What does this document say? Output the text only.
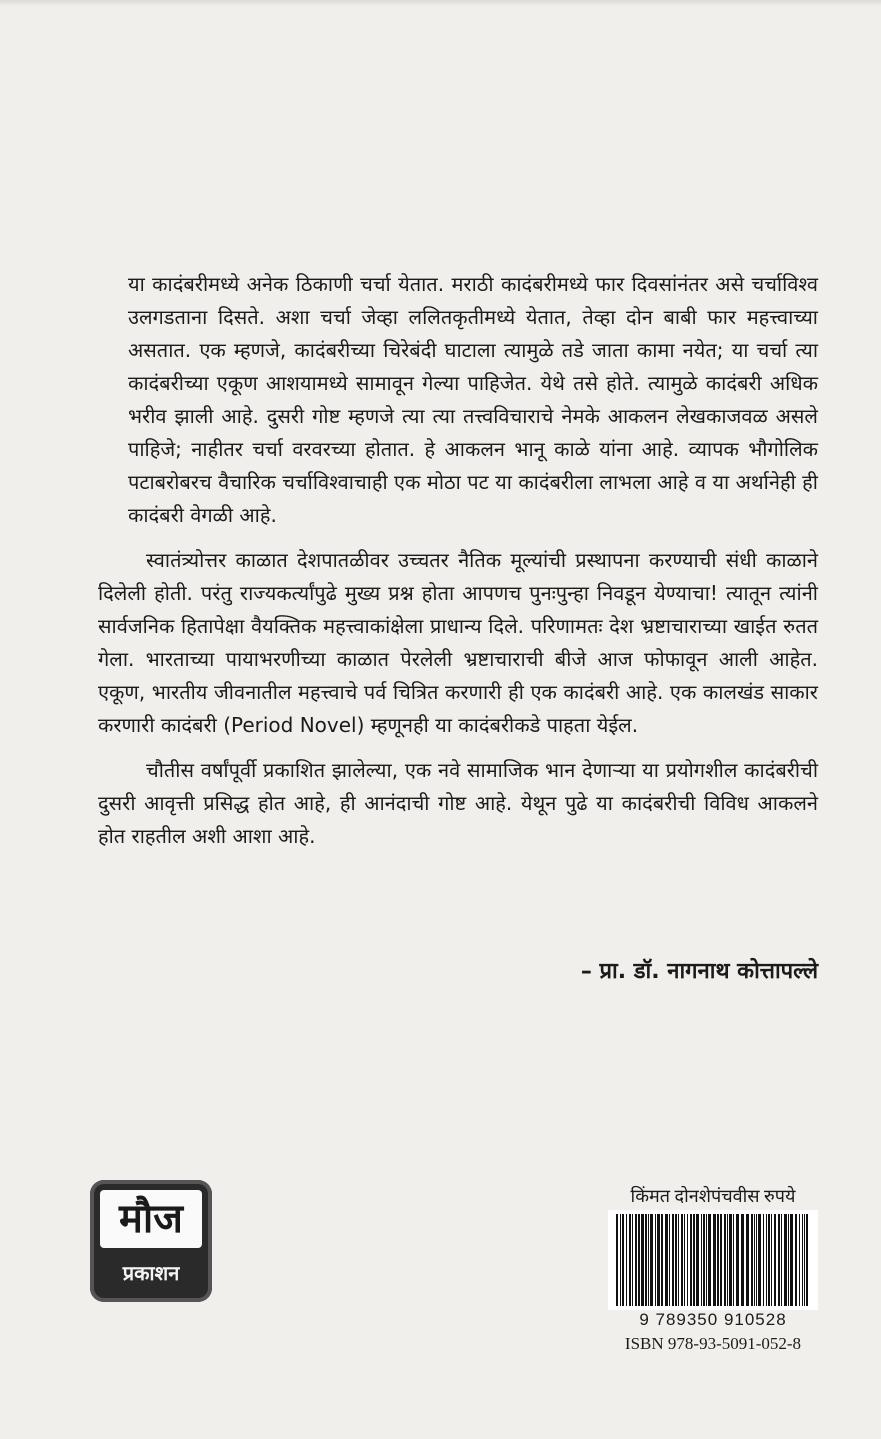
या कादंबरीमध्ये अनेक ठिकाणी चर्चा येतात. मराठी कादंबरीमध्ये फार दिवसांनंतर असे चर्चाविश्व उलगडताना दिसते. अशा चर्चा जेव्हा ललितकृतीमध्ये येतात, तेव्हा दोन बाबी फार महत्त्वाच्या असतात. एक म्हणजे, कादंबरीच्या चिरेबंदी घाटाला त्यामुळे तडे जाता कामा नयेत; या चर्चा त्या कादंबरीच्या एकूण आशयामध्ये सामावून गेल्या पाहिजेत. येथे तसे होते. त्यामुळे कादंबरी अधिक भरीव झाली आहे. दुसरी गोष्ट म्हणजे त्या त्या तत्त्वविचाराचे नेमके आकलन लेखकाजवळ असले पाहिजे; नाहीतर चर्चा वरवरच्या होतात. हे आकलन भानू काळे यांना आहे. व्यापक भौगोलिक पटाबरोबरच वैचारिक चर्चाविश्वाचाही एक मोठा पट या कादंबरीला लाभला आहे व या अर्थानेही ही कादंबरी वेगळी आहे.

स्वातंत्र्योत्तर काळात देशपातळीवर उच्चतर नैतिक मूल्यांची प्रस्थापना करण्याची संधी काळाने दिलेली होती. परंतु राज्यकर्त्यांपुढे मुख्य प्रश्न होता आपणच पुनःपुन्हा निवडून येण्याचा! त्यातून त्यांनी सार्वजनिक हितापेक्षा वैयक्तिक महत्त्वाकांक्षेला प्राधान्य दिले. परिणामतः देश भ्रष्टाचाराच्या खाईत रुतत गेला. भारताच्या पायाभरणीच्या काळात पेरलेली भ्रष्टाचाराची बीजे आज फोफावून आली आहेत. एकूण, भारतीय जीवनातील महत्त्वाचे पर्व चित्रित करणारी ही एक कादंबरी आहे. एक कालखंड साकार करणारी कादंबरी (Period Novel) म्हणूनही या कादंबरीकडे पाहता येईल.

चौतीस वर्षांपूर्वी प्रकाशित झालेल्या, एक नवे सामाजिक भान देणाऱ्या या प्रयोगशील कादंबरीची दुसरी आवृत्ती प्रसिद्ध होत आहे, ही आनंदाची गोष्ट आहे. येथून पुढे या कादंबरीची विविध आकलने होत राहतील अशी आशा आहे.

– प्रा. डॉ. नागनाथ कोत्तापल्ले
मौज
प्रकाशन
किंमत दोनशेपंचवीस रुपये
9 789350 910528
ISBN 978-93-5091-052-8
